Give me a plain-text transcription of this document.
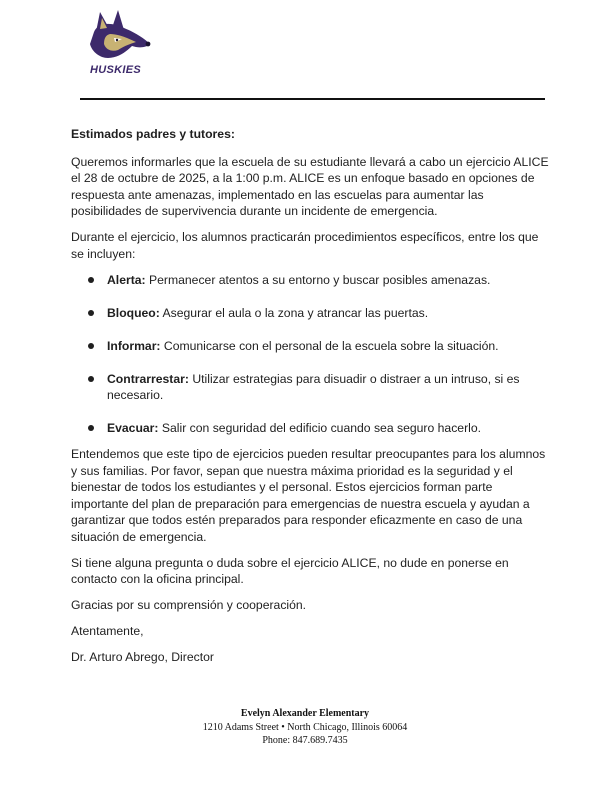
HUSKIES

Estimados padres y tutores:

Queremos informarles que la escuela de su estudiante llevará a cabo un ejercicio ALICE el 28 de octubre de 2025, a la 1:00 p.m. ALICE es un enfoque basado en opciones de respuesta ante amenazas, implementado en las escuelas para aumentar las posibilidades de supervivencia durante un incidente de emergencia.

Durante el ejercicio, los alumnos practicarán procedimientos específicos, entre los que se incluyen:

Alerta: Permanecer atentos a su entorno y buscar posibles amenazas.
Bloqueo: Asegurar el aula o la zona y atrancar las puertas.
Informar: Comunicarse con el personal de la escuela sobre la situación.
Contrarrestar: Utilizar estrategias para disuadir o distraer a un intruso, si es necesario.
Evacuar: Salir con seguridad del edificio cuando sea seguro hacerlo.

Entendemos que este tipo de ejercicios pueden resultar preocupantes para los alumnos y sus familias. Por favor, sepan que nuestra máxima prioridad es la seguridad y el bienestar de todos los estudiantes y el personal. Estos ejercicios forman parte importante del plan de preparación para emergencias de nuestra escuela y ayudan a garantizar que todos estén preparados para responder eficazmente en caso de una situación de emergencia.

Si tiene alguna pregunta o duda sobre el ejercicio ALICE, no dude en ponerse en contacto con la oficina principal.

Gracias por su comprensión y cooperación.

Atentamente,

Dr. Arturo Abrego, Director

Evelyn Alexander Elementary
1210 Adams Street • North Chicago, Illinois 60064
Phone: 847.689.7435
